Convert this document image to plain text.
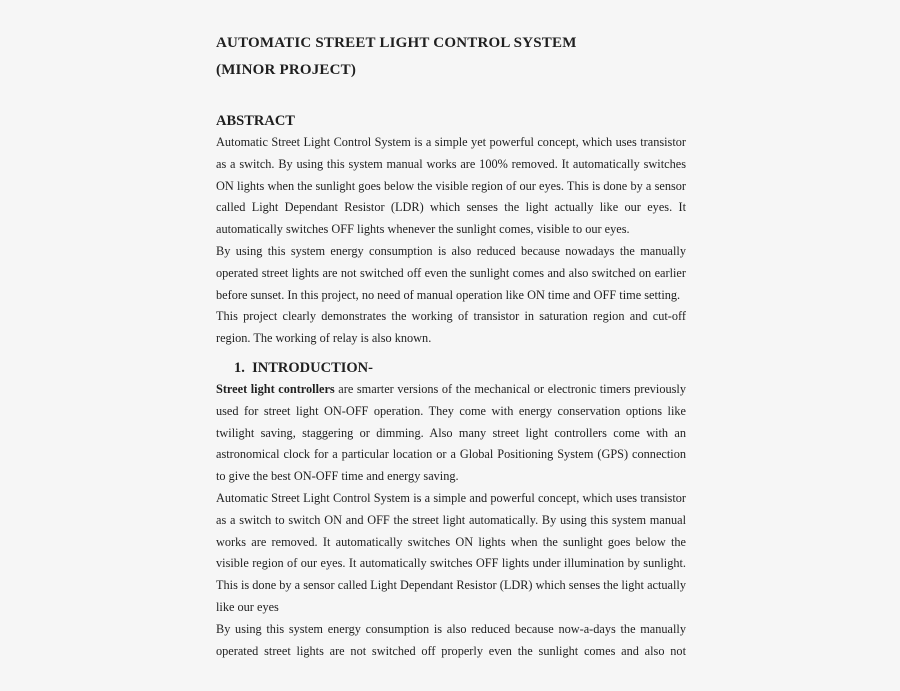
AUTOMATIC STREET LIGHT CONTROL SYSTEM
(MINOR PROJECT)
ABSTRACT

Automatic Street Light Control System is a simple yet powerful concept, which uses transistor as a switch. By using this system manual works are 100% removed. It automatically switches ON lights when the sunlight goes below the visible region of our eyes. This is done by a sensor called Light Dependant Resistor (LDR) which senses the light actually like our eyes. It automatically switches OFF lights whenever the sunlight comes, visible to our eyes.

By using this system energy consumption is also reduced because nowadays the manually operated street lights are not switched off even the sunlight comes and also switched on earlier before sunset. In this project, no need of manual operation like ON time and OFF time setting.

This project clearly demonstrates the working of transistor in saturation region and cut-off region. The working of relay is also known.

1.  INTRODUCTION-

Street light controllers are smarter versions of the mechanical or electronic timers previously used for street light ON-OFF operation. They come with energy conservation options like twilight saving, staggering or dimming. Also many street light controllers come with an astronomical clock for a particular location or a Global Positioning System (GPS) connection to give the best ON-OFF time and energy saving.

Automatic Street Light Control System is a simple and powerful concept, which uses transistor as a switch to switch ON and OFF the street light automatically. By using this system manual works are removed. It automatically switches ON lights when the sunlight goes below the visible region of our eyes. It automatically switches OFF lights under illumination by sunlight. This is done by a sensor called Light Dependant Resistor (LDR) which senses the light actually like our eyes

By using this system energy consumption is also reduced because now-a-days the manually operated street lights are not switched off properly even the sunlight comes and also not
